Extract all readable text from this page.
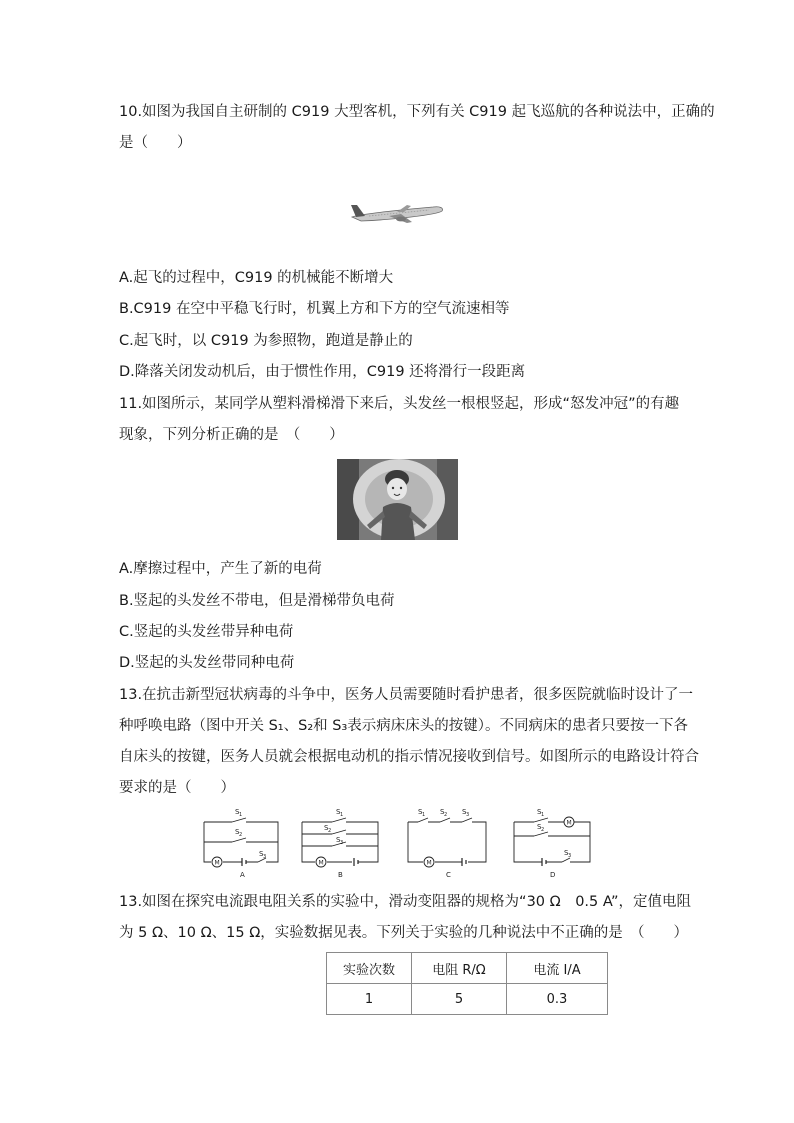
10.如图为我国自主研制的 C919 大型客机，下列有关 C919 起飞巡航的各种说法中，正确的
是（　　）
A.起飞的过程中，C919 的机械能不断增大
B.C919 在空中平稳飞行时，机翼上方和下方的空气流速相等
C.起飞时，以 C919 为参照物，跑道是静止的
D.降落关闭发动机后，由于惯性作用，C919 还将滑行一段距离
11.如图所示，某同学从塑料滑梯滑下来后，头发丝一根根竖起，形成“怒发冲冠”的有趣
现象，下列分析正确的是　（　　）
A.摩擦过程中，产生了新的电荷
B.竖起的头发丝不带电，但是滑梯带负电荷
C.竖起的头发丝带异种电荷
D.竖起的头发丝带同种电荷
13.在抗击新型冠状病毒的斗争中，医务人员需要随时看护患者，很多医院就临时设计了一
种呼唤电路（图中开关 S₁、S₂和 S₃表示病床床头的按键）。不同病床的患者只要按一下各
自床头的按键，医务人员就会根据电动机的指示情况接收到信号。如图所示的电路设计符合
要求的是（　　）
S 1
S 2
S 3
M
A
S 1
S 2
S 3
M
B
S 1 S 2 S 3
M
C
S 1
S 2
S 3
M
D
13.如图在探究电流跟电阻关系的实验中，滑动变阻器的规格为“30 Ω　0.5 A”，定值电阻
为 5 Ω、10 Ω、15 Ω，实验数据见表。下列关于实验的几种说法中不正确的是　（　　）
实验次数	电阻 R/Ω	电流 I/A
1	5	0.3
